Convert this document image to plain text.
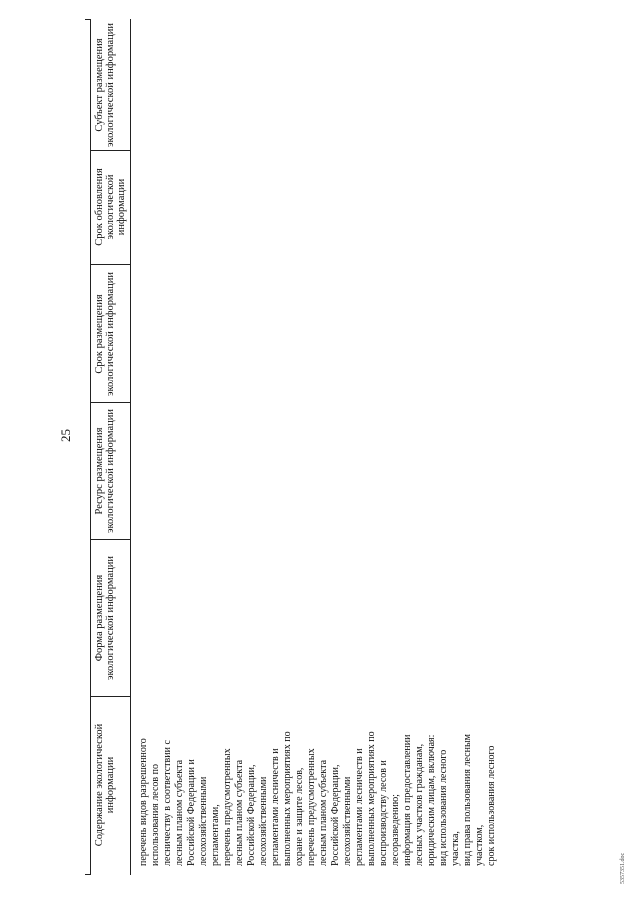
25
5357351.doc
Содержание экологической информации
Форма размещения экологической информации
Ресурс размещения экологической информации
Срок размещения экологической информации
Срок обновления экологической информации
Субъект размещения экологической информации
перечень видов разрешенного использования лесов по лесничеству в соответствии с лесным планом субъекта Российской Федерации и лесохозяйственными регламентами, перечень предусмотренных лесным планом субъекта Российской Федерации, лесохозяйственными регламентами лесничеств и выполненных мероприятиях по охране и защите лесов, перечень предусмотренных лесным планом субъекта Российской Федерации, лесохозяйственными регламентами лесничеств и выполненных мероприятиях по воспроизводству лесов и лесоразведению; информация о предоставлении лесных участков гражданам, юридическим лицам, включая: вид использования лесного участка, вид права пользования лесным участком, срок использования лесного
